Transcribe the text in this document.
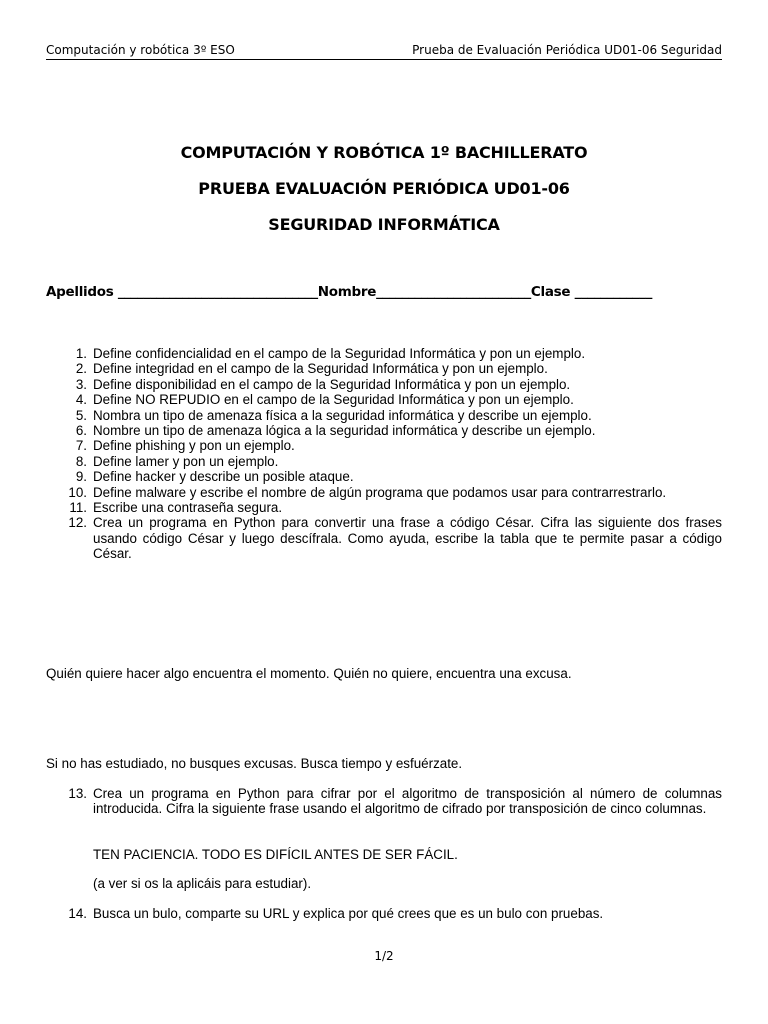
Computación y robótica 3º ESO	Prueba de Evaluación Periódica UD01-06 Seguridad
COMPUTACIÓN Y ROBÓTICA 1º BACHILLERATO
PRUEBA EVALUACIÓN PERIÓDICA UD01-06
SEGURIDAD INFORMÁTICA
Apellidos _______________________________Nombre________________________Clase ____________
1. Define confidencialidad en el campo de la Seguridad Informática y pon un ejemplo.
2. Define integridad en el campo de la Seguridad Informática y pon un ejemplo.
3. Define disponibilidad en el campo de la Seguridad Informática y pon un ejemplo.
4. Define NO REPUDIO en el campo de la Seguridad Informática y pon un ejemplo.
5. Nombra un tipo de amenaza física a la seguridad informática y describe un ejemplo.
6. Nombre un tipo de amenaza lógica a la seguridad informática y describe un ejemplo.
7. Define phishing y pon un ejemplo.
8. Define lamer y pon un ejemplo.
9. Define hacker y describe un posible ataque.
10. Define malware y escribe el nombre de algún programa que podamos usar para contrarrestrarlo.
11. Escribe una contraseña segura.
12. Crea un programa en Python para convertir una frase a código César. Cifra las siguiente dos frases usando código César y luego descífrala. Como ayuda, escribe la tabla que te permite pasar a código César.
Quién quiere hacer algo encuentra el momento. Quién no quiere, encuentra una excusa.
Si no has estudiado, no busques excusas. Busca tiempo y esfuérzate.
13. Crea un programa en Python para cifrar por el algoritmo de transposición al número de columnas introducida. Cifra la siguiente frase usando el algoritmo de cifrado por transposición de cinco columnas.
TEN PACIENCIA. TODO ES DIFÍCIL ANTES DE SER FÁCIL.
(a ver si os la aplicáis para estudiar).
14. Busca un bulo, comparte su URL y explica por qué crees que es un bulo con pruebas.
1/2
